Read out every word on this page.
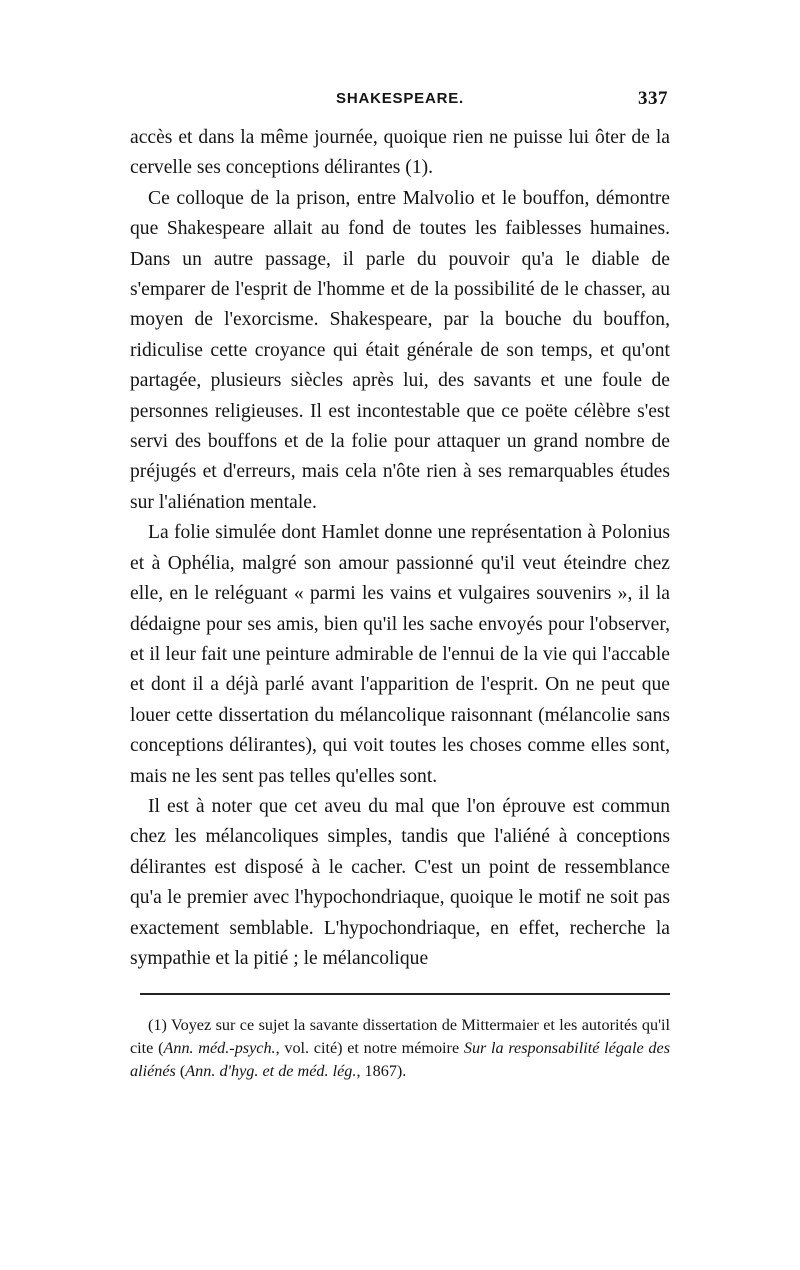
SHAKESPEARE.	337

accès et dans la même journée, quoique rien ne puisse lui ôter de la cervelle ses conceptions délirantes (1).

Ce colloque de la prison, entre Malvolio et le bouffon, démontre que Shakespeare allait au fond de toutes les faiblesses humaines. Dans un autre passage, il parle du pouvoir qu'a le diable de s'emparer de l'esprit de l'homme et de la possibilité de le chasser, au moyen de l'exorcisme. Shakespeare, par la bouche du bouffon, ridiculise cette croyance qui était générale de son temps, et qu'ont partagée, plusieurs siècles après lui, des savants et une foule de personnes religieuses. Il est incontestable que ce poëte célèbre s'est servi des bouffons et de la folie pour attaquer un grand nombre de préjugés et d'erreurs, mais cela n'ôte rien à ses remarquables études sur l'aliénation mentale.

La folie simulée dont Hamlet donne une représentation à Polonius et à Ophélia, malgré son amour passionné qu'il veut éteindre chez elle, en le reléguant « parmi les vains et vulgaires souvenirs », il la dédaigne pour ses amis, bien qu'il les sache envoyés pour l'observer, et il leur fait une peinture admirable de l'ennui de la vie qui l'accable et dont il a déjà parlé avant l'apparition de l'esprit. On ne peut que louer cette dissertation du mélancolique raisonnant (mélancolie sans conceptions délirantes), qui voit toutes les choses comme elles sont, mais ne les sent pas telles qu'elles sont.

Il est à noter que cet aveu du mal que l'on éprouve est commun chez les mélancoliques simples, tandis que l'aliéné à conceptions délirantes est disposé à le cacher. C'est un point de ressemblance qu'a le premier avec l'hypochondriaque, quoique le motif ne soit pas exactement semblable. L'hypochondriaque, en effet, recherche la sympathie et la pitié ; le mélancolique

(1) Voyez sur ce sujet la savante dissertation de Mittermaier et les autorités qu'il cite (Ann. méd.-psych., vol. cité) et notre mémoire Sur la responsabilité légale des aliénés (Ann. d'hyg. et de méd. lég., 1867).
